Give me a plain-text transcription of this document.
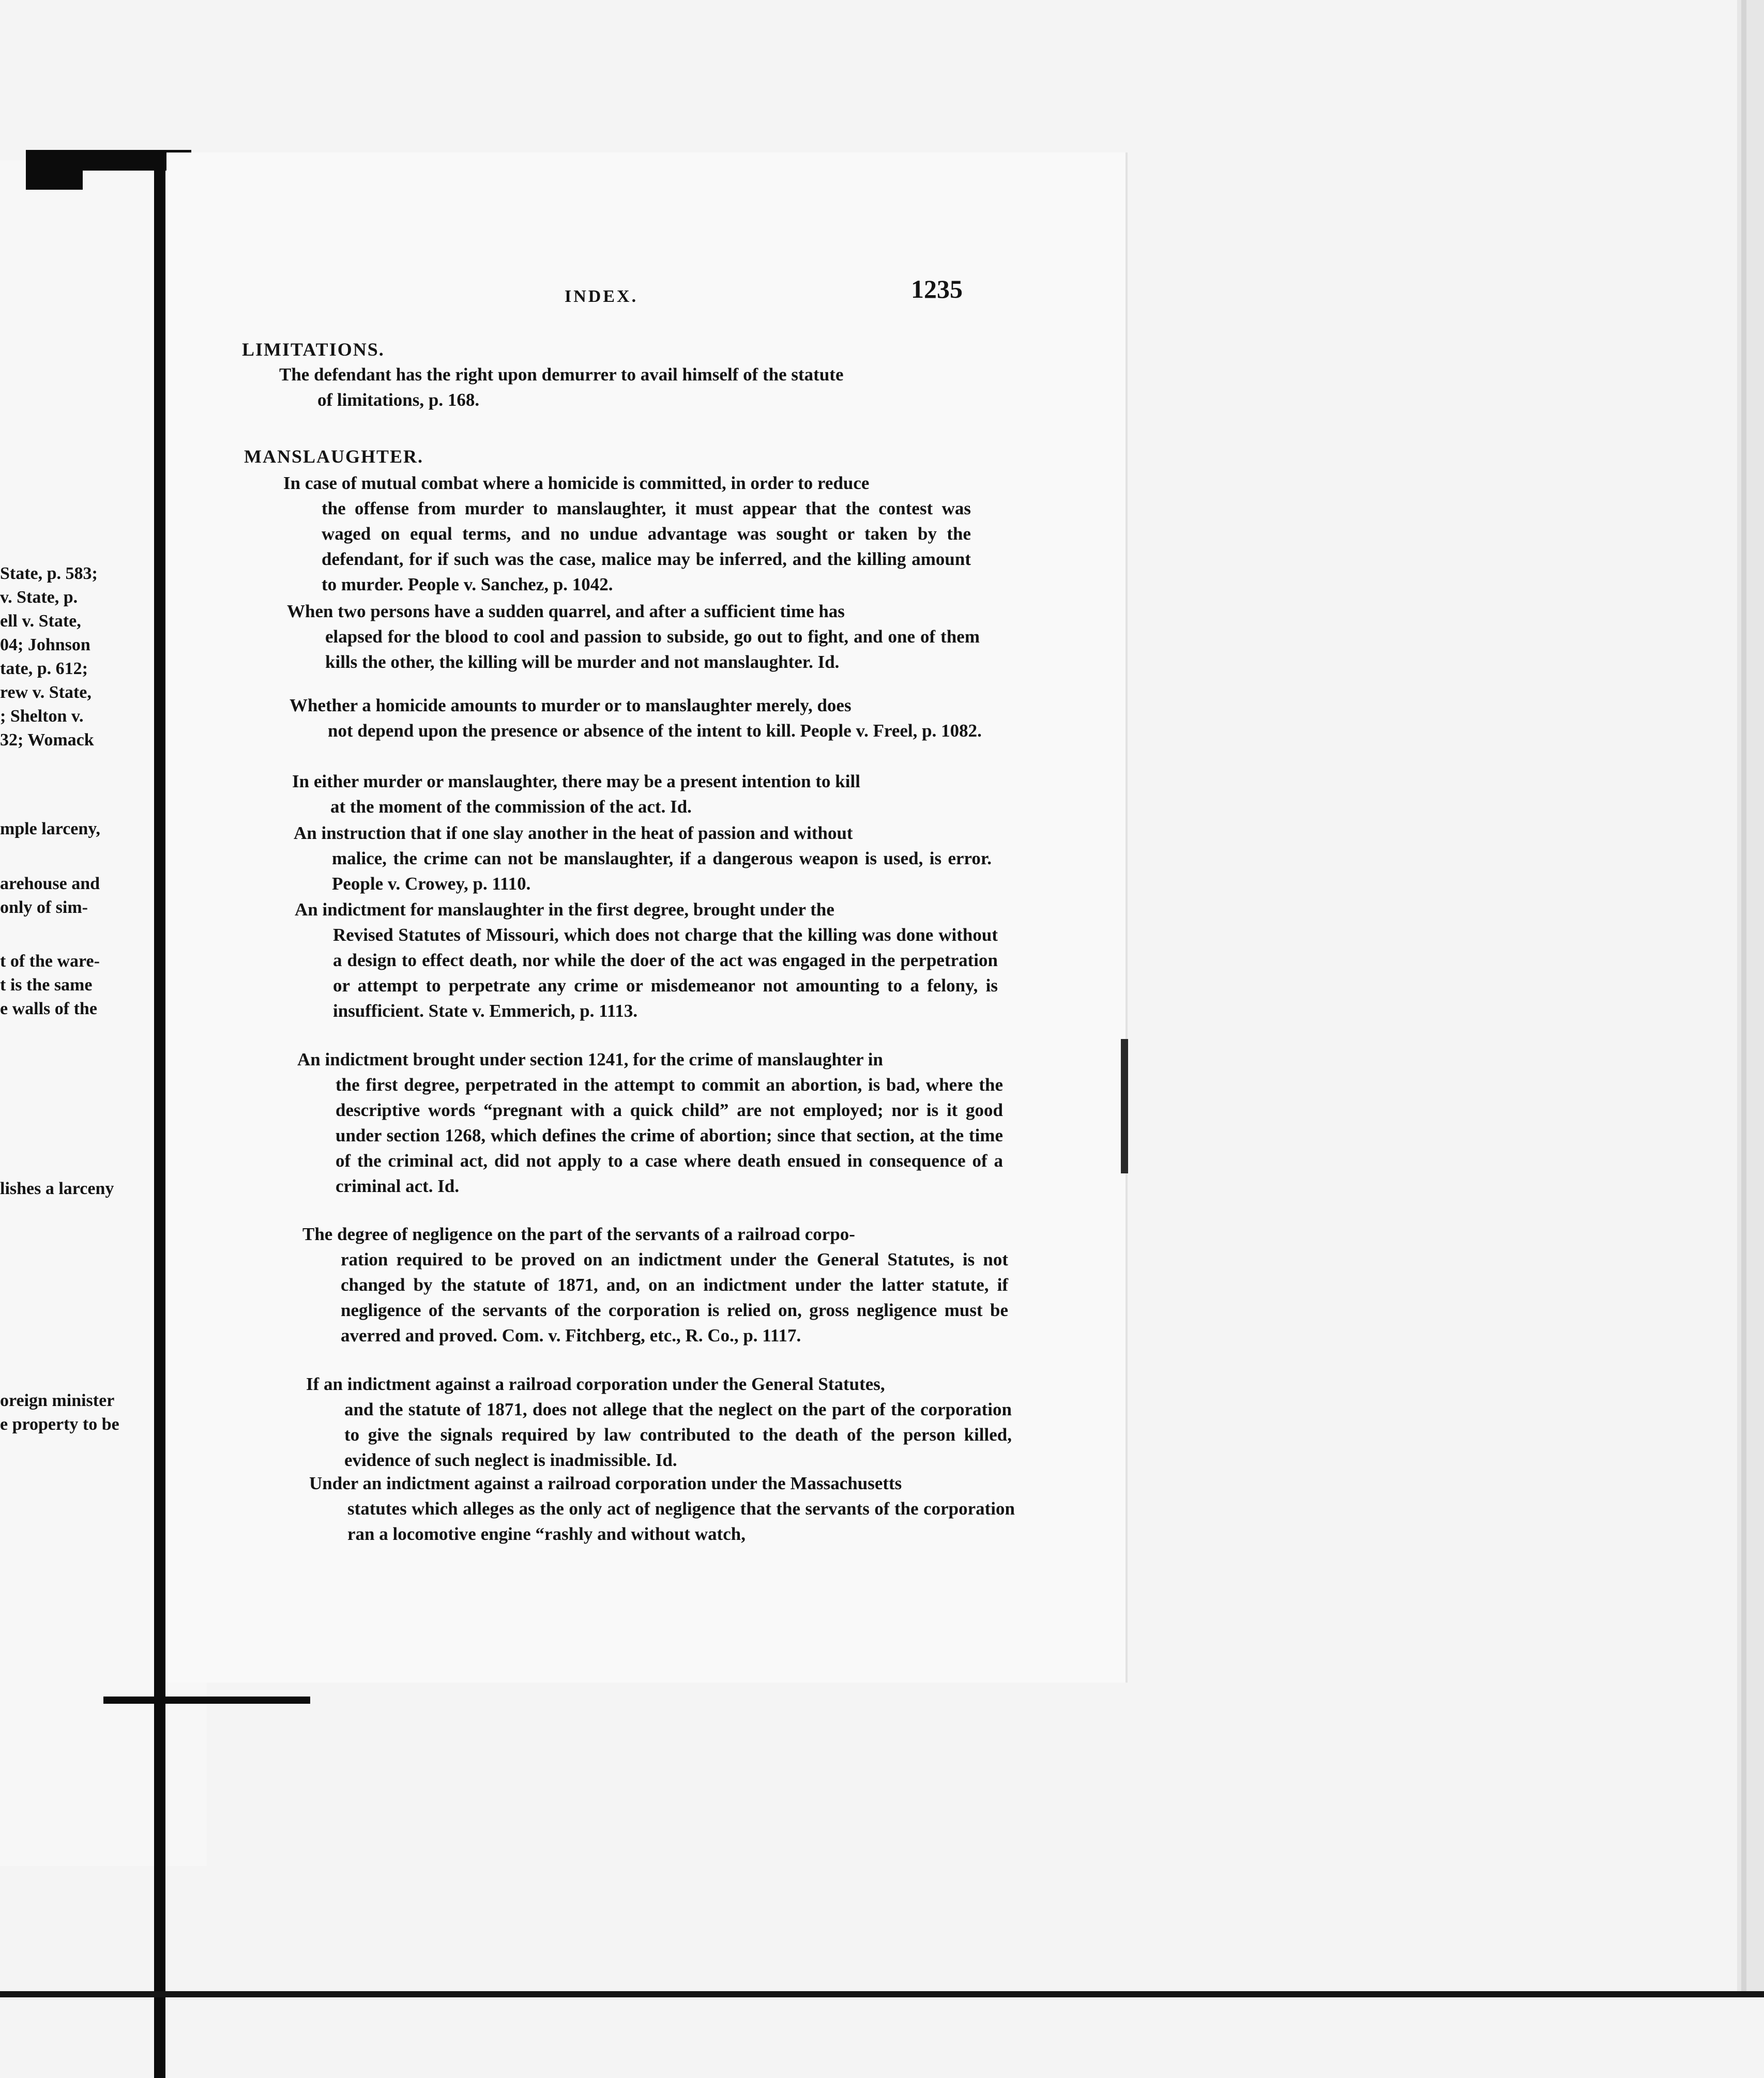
State, p. 583;
v. State, p.
ell v. State,
04; Johnson
tate, p. 612;
rew v. State,
; Shelton v.
32; Womack
mple larceny,
arehouse and
only of sim-
t of the ware-
t is the same
e walls of the
lishes a larceny
oreign minister
e property to be
INDEX.	1235
LIMITATIONS.
The defendant has the right upon demurrer to avail himself of the statute
of limitations, p. 168.
MANSLAUGHTER.
In case of mutual combat where a homicide is committed, in order to reduce
the offense from murder to manslaughter, it must appear that the contest was waged on equal terms, and no undue advantage was sought or taken by the defendant, for if such was the case, malice may be inferred, and the killing amount to murder. People v. Sanchez, p. 1042.
When two persons have a sudden quarrel, and after a sufficient time has
elapsed for the blood to cool and passion to subside, go out to fight, and one of them kills the other, the killing will be murder and not manslaughter. Id.
Whether a homicide amounts to murder or to manslaughter merely, does
not depend upon the presence or absence of the intent to kill. People v. Freel, p. 1082.
In either murder or manslaughter, there may be a present intention to kill
at the moment of the commission of the act. Id.
An instruction that if one slay another in the heat of passion and without
malice, the crime can not be manslaughter, if a dangerous weapon is used, is error. People v. Crowey, p. 1110.
An indictment for manslaughter in the first degree, brought under the
Revised Statutes of Missouri, which does not charge that the killing was done without a design to effect death, nor while the doer of the act was engaged in the perpetration or attempt to perpetrate any crime or misdemeanor not amounting to a felony, is insufficient. State v. Emmerich, p. 1113.
An indictment brought under section 1241, for the crime of manslaughter in
the first degree, perpetrated in the attempt to commit an abortion, is bad, where the descriptive words “pregnant with a quick child” are not employed; nor is it good under section 1268, which defines the crime of abortion; since that section, at the time of the criminal act, did not apply to a case where death ensued in consequence of a criminal act. Id.
The degree of negligence on the part of the servants of a railroad corpo-
ration required to be proved on an indictment under the General Statutes, is not changed by the statute of 1871, and, on an indictment under the latter statute, if negligence of the servants of the corporation is relied on, gross negligence must be averred and proved. Com. v. Fitchberg, etc., R. Co., p. 1117.
If an indictment against a railroad corporation under the General Statutes,
and the statute of 1871, does not allege that the neglect on the part of the corporation to give the signals required by law contributed to the death of the person killed, evidence of such neglect is inadmissible. Id.
Under an indictment against a railroad corporation under the Massachusetts
statutes which alleges as the only act of negligence that the servants of the corporation ran a locomotive engine “rashly and without watch,
